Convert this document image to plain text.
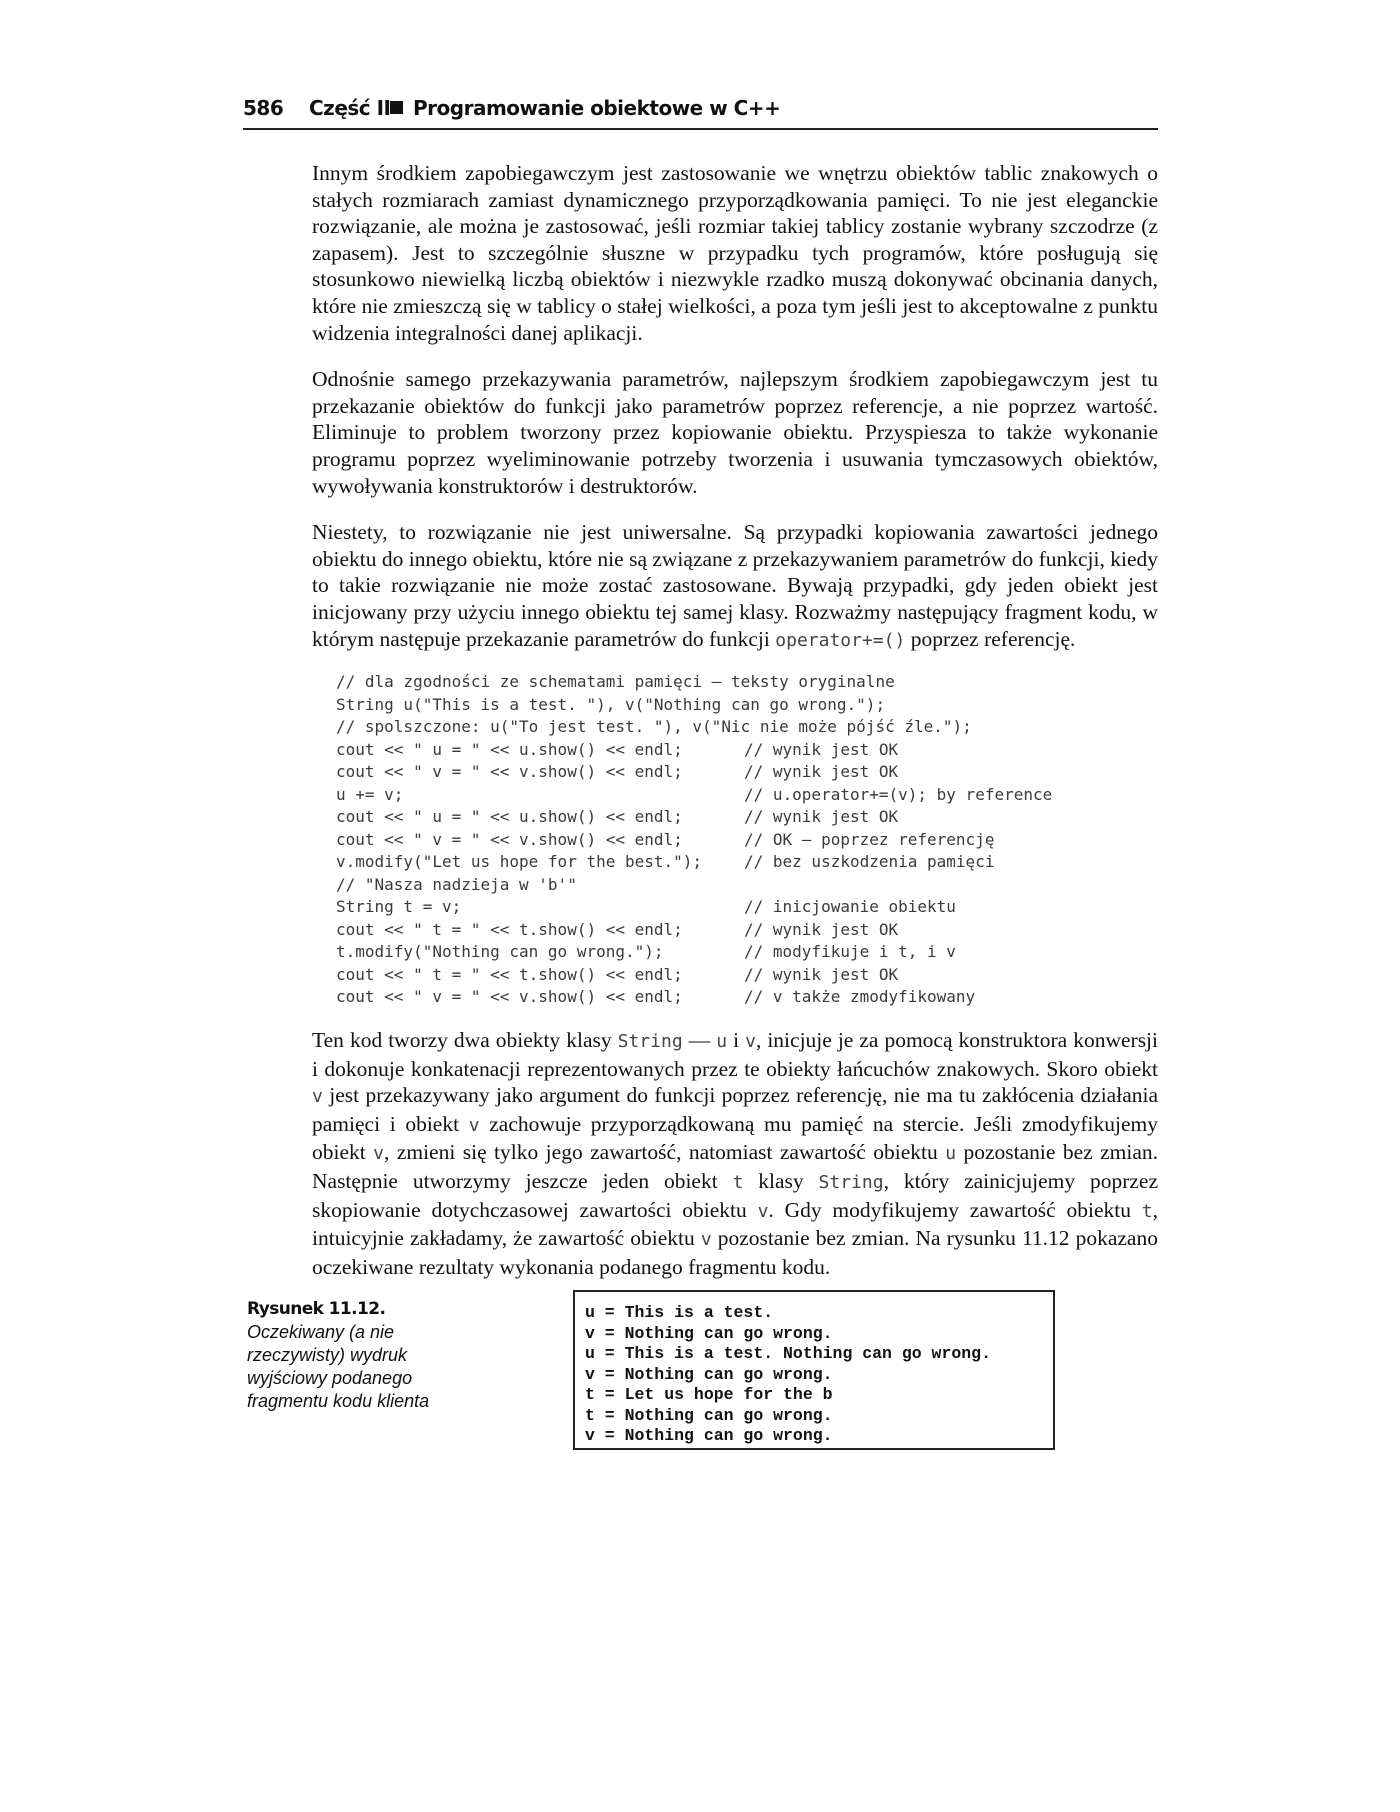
586 Część II Programowanie obiektowe w C++

Innym środkiem zapobiegawczym jest zastosowanie we wnętrzu obiektów tablic znakowych o stałych rozmiarach zamiast dynamicznego przyporządkowania pamięci. To nie jest eleganckie rozwiązanie, ale można je zastosować, jeśli rozmiar takiej tablicy zostanie wybrany szczodrze (z zapasem). Jest to szczególnie słuszne w przypadku tych programów, które posługują się stosunkowo niewielką liczbą obiektów i niezwykle rzadko muszą dokonywać obcinania danych, które nie zmieszczą się w tablicy o stałej wielkości, a poza tym jeśli jest to akceptowalne z punktu widzenia integralności danej aplikacji.

Odnośnie samego przekazywania parametrów, najlepszym środkiem zapobiegawczym jest tu przekazanie obiektów do funkcji jako parametrów poprzez referencje, a nie poprzez wartość. Eliminuje to problem tworzony przez kopiowanie obiektu. Przyspiesza to także wykonanie programu poprzez wyeliminowanie potrzeby tworzenia i usuwania tymczasowych obiektów, wywoływania konstruktorów i destruktorów.

Niestety, to rozwiązanie nie jest uniwersalne. Są przypadki kopiowania zawartości jednego obiektu do innego obiektu, które nie są związane z przekazywaniem parametrów do funkcji, kiedy to takie rozwiązanie nie może zostać zastosowane. Bywają przypadki, gdy jeden obiekt jest inicjowany przy użyciu innego obiektu tej samej klasy. Rozważmy następujący fragment kodu, w którym następuje przekazanie parametrów do funkcji operator+=() poprzez referencję.

// dla zgodności ze schematami pamięci – teksty oryginalne
String u("This is a test. "), v("Nothing can go wrong.");
// spolszczone: u("To jest test. "), v("Nic nie może pójść źle.");
cout << " u = " << u.show() << endl;	// wynik jest OK
cout << " v = " << v.show() << endl;	// wynik jest OK
u += v;	// u.operator+=(v); by reference
cout << " u = " << u.show() << endl;	// wynik jest OK
cout << " v = " << v.show() << endl;	// OK – poprzez referencję
v.modify("Let us hope for the best.");	// bez uszkodzenia pamięci
// "Nasza nadzieja w 'b'"
String t = v;	// inicjowanie obiektu
cout << " t = " << t.show() << endl;	// wynik jest OK
t.modify("Nothing can go wrong.");	// modyfikuje i t, i v
cout << " t = " << t.show() << endl;	// wynik jest OK
cout << " v = " << v.show() << endl;	// v także zmodyfikowany
Ten kod tworzy dwa obiekty klasy String — u i v, inicjuje je za pomocą konstruktora konwersji i dokonuje konkatenacji reprezentowanych przez te obiekty łańcuchów znakowych. Skoro obiekt v jest przekazywany jako argument do funkcji poprzez referencję, nie ma tu zakłócenia działania pamięci i obiekt v zachowuje przyporządkowaną mu pamięć na stercie. Jeśli zmodyfikujemy obiekt v, zmieni się tylko jego zawartość, natomiast zawartość obiektu u pozostanie bez zmian. Następnie utworzymy jeszcze jeden obiekt t klasy String, który zainicjujemy poprzez skopiowanie dotychczasowej zawartości obiektu v. Gdy modyfikujemy zawartość obiektu t, intuicyjnie zakładamy, że zawartość obiektu v pozostanie bez zmian. Na rysunku 11.12 pokazano oczekiwane rezultaty wykonania podanego fragmentu kodu.
Rysunek 11.12.
Oczekiwany (a nie rzeczywisty) wydruk wyjściowy podanego fragmentu kodu klienta
u = This is a test.
v = Nothing can go wrong.
u = This is a test. Nothing can go wrong.
v = Nothing can go wrong.
t = Let us hope for the b
t = Nothing can go wrong.
v = Nothing can go wrong.
